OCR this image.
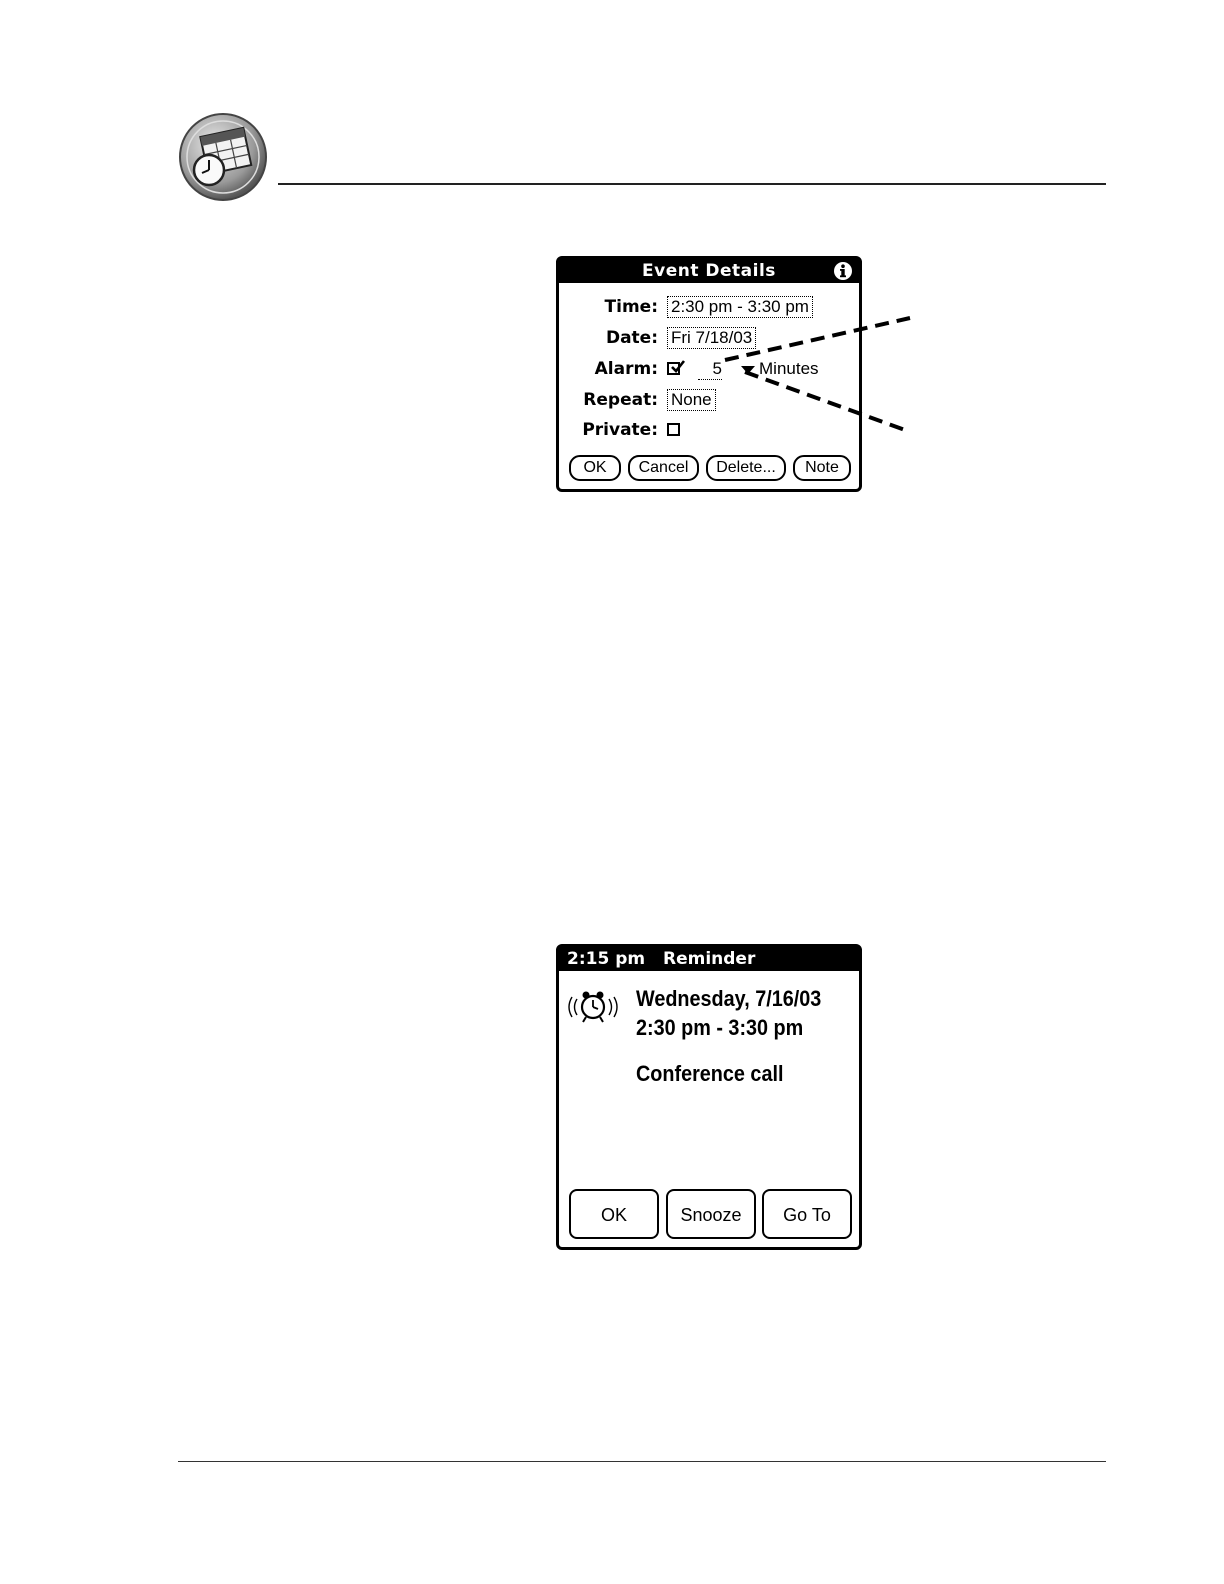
Event Details
Time: 2:30 pm - 3:30 pm
Date: Fri 7/18/03
Alarm:	5 Minutes
Repeat: None
Private:
OK	Cancel	Delete...	Note
2:15 pm Reminder
Wednesday, 7/16/03
2:30 pm - 3:30 pm
Conference call
OK	Snooze	Go To
